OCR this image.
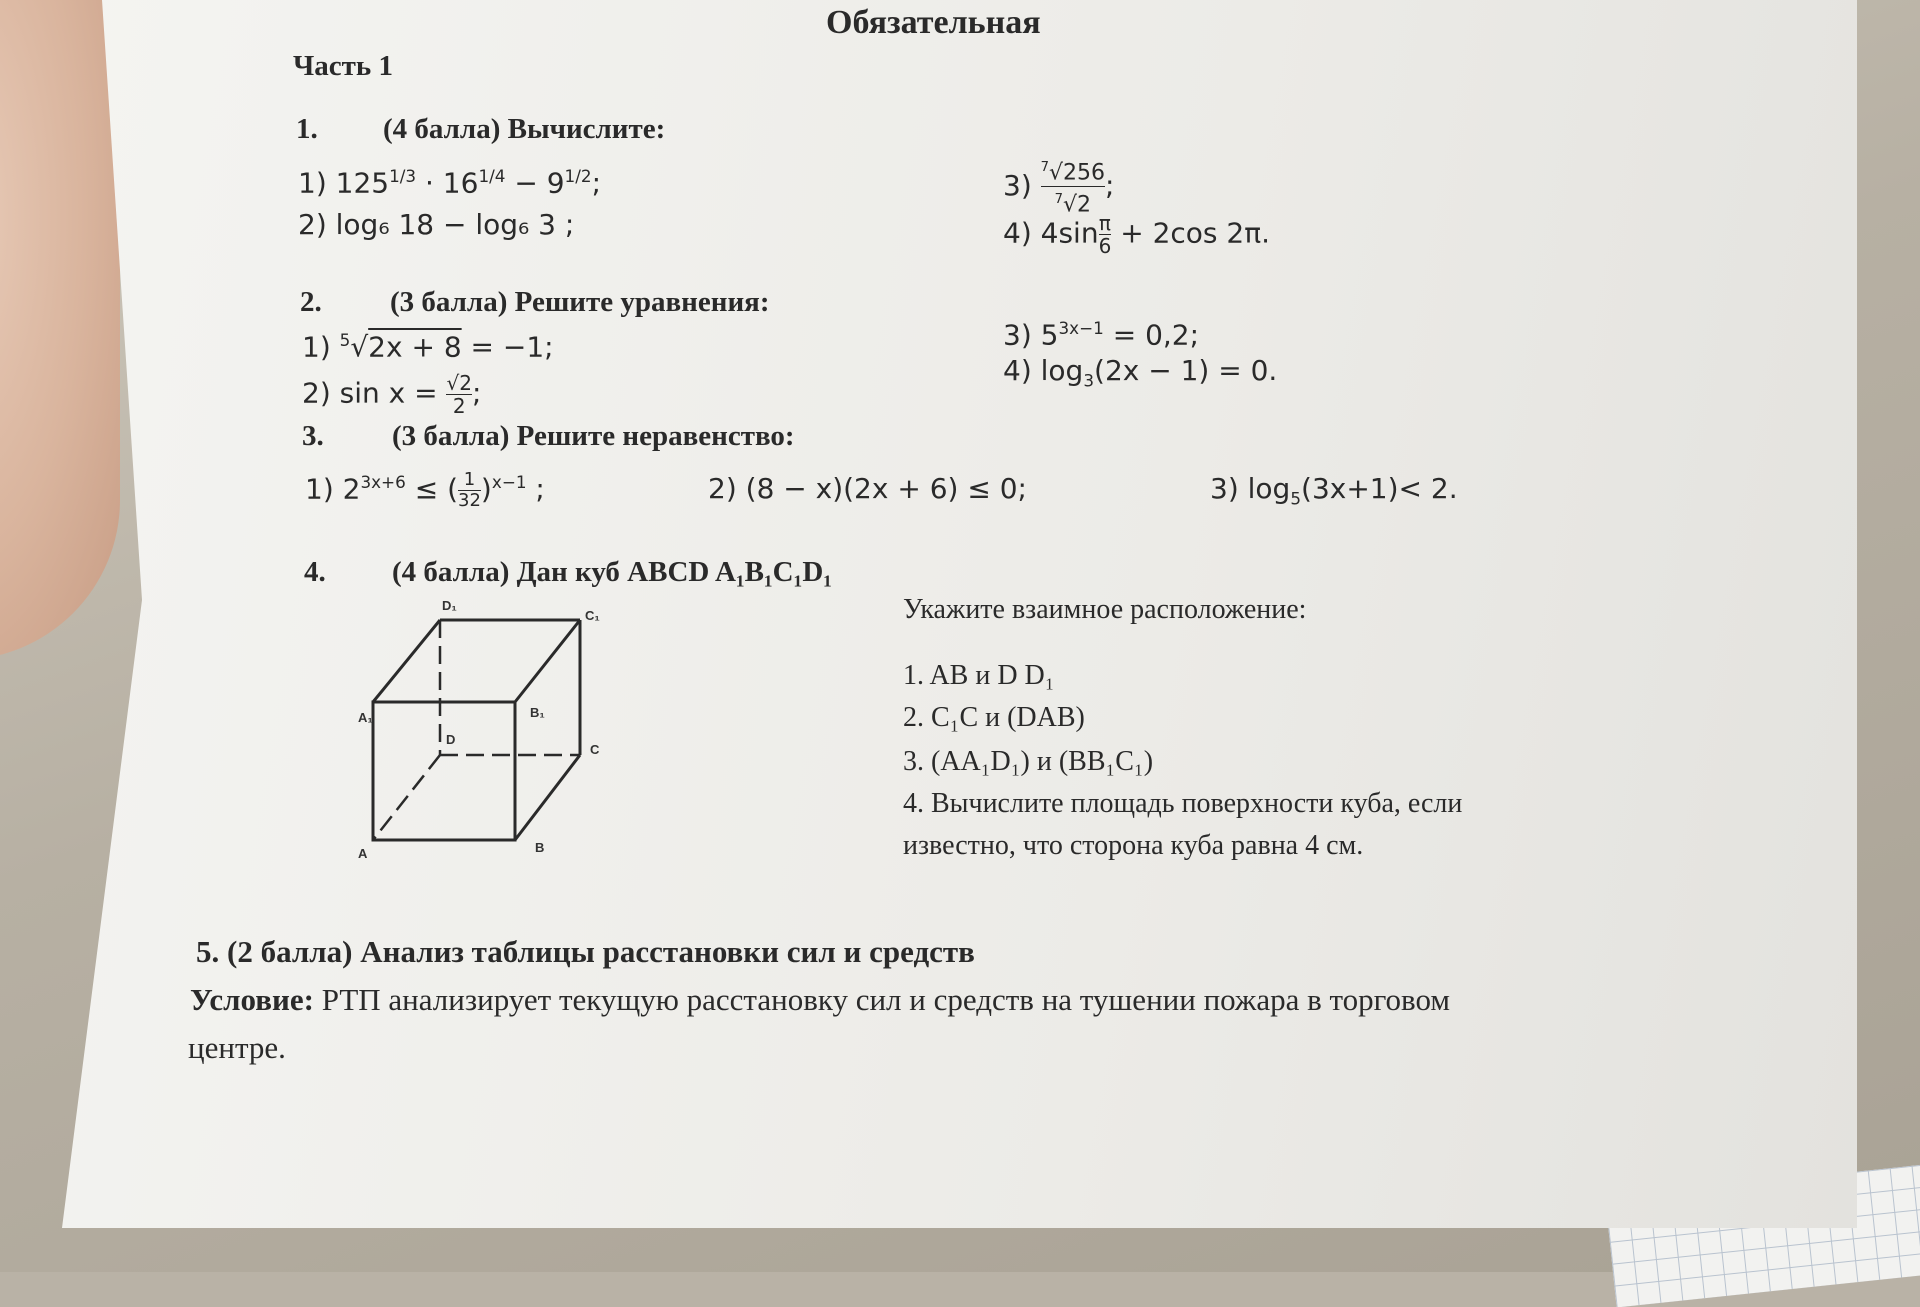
Обязательная
Часть 1
1. (4 балла) Вычислите:
1) $125^{1/3} \cdot 16^{1/4} - 9^{1/2}$;
2) log₆ 18 − log₆ 3 ;
$3) \frac{^7√256}{^7√2}$ ;
4) $4\sin \frac{\pi}{6} + 2\cos$ 2π.
2. (3 балла) Решите уравнения:
1) $^5$√2x + 8 = −1;
2) $\sin x = \frac{√2}{2}$ ;
3) $5^{3x-1} = 0,2$;
4) $\log_3(2x - 1) = 0$.
3. (3 балла) Решите неравенство:
1) $2^{3x+6}$ ≤ ( $\frac{1}{32} )^{x-1}$ ;	2) (8 − x)(2x + 6) ≤ 0;	3) $\log_5(3x+1)< 2$.
4. (4 балла) Дан куб ABCD A₁B₁C₁D₁
D₁
C₁
A₁	B₁
D
C
A	B
Укажите взаимное расположение:
1. AB и D D₁
2. C₁C и (DAB)
3. (AA₁D₁) и (BB₁C₁)
4. Вычислите площадь поверхности куба, если
известно, что сторона куба равна 4 см.
5. (2 балла) Анализ таблицы расстановки сил и средств
Условие: РТП анализирует текущую расстановку сил и средств на тушении пожара в торговом
центре.
